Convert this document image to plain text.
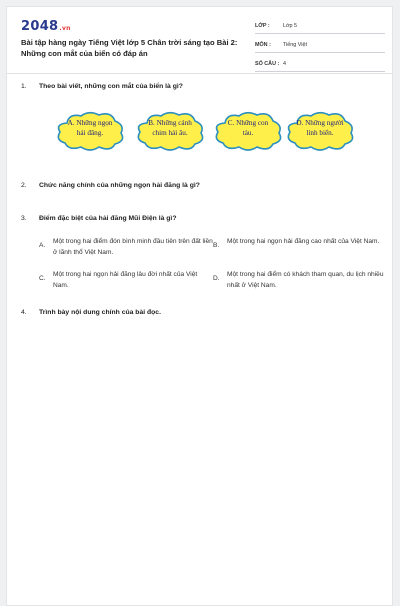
2048.vn
Bài tập hàng ngày Tiếng Việt lớp 5 Chân trời sáng tạo Bài 2: Những con mắt của biển có đáp án
LỚP :	Lớp 5
MÔN :	Tiếng Việt
SỐ CÂU : 4
1. Theo bài viết, những con mắt của biển là gì?
A. Những ngọn hải đăng.
B. Những cánh chim hải âu.
C. Những con tàu.
D. Những người lính biển.
2. Chức năng chính của những ngọn hải đăng là gì?
3. Điểm đặc biệt của hải đăng Mũi Điện là gì?
A.
Một trong hai điểm đón bình minh đầu tiên trên đất liền ở lãnh thổ Việt Nam.
B.
Một trong hai ngọn hải đăng cao nhất của Việt Nam.
C.
Một trong hai ngọn hải đăng lâu đời nhất của Việt Nam.
D.
Một trong hai điểm có khách tham quan, du lịch nhiều nhất ở Việt Nam.
4. Trình bày nội dung chính của bài đọc.
